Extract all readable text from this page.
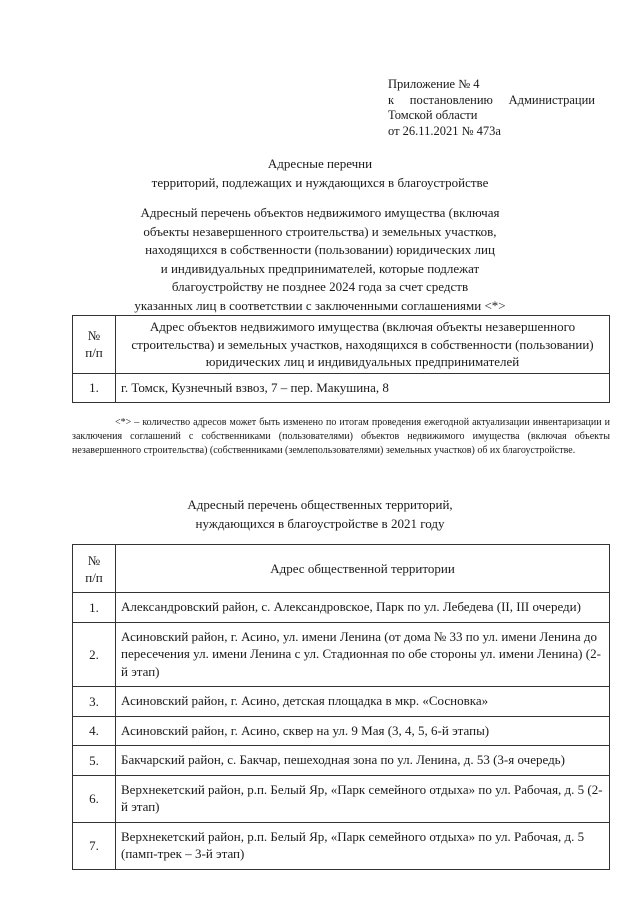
Приложение № 4
к постановлению Администрации
Томской области
от 26.11.2021 № 473а
Адресные перечни
территорий, подлежащих и нуждающихся в благоустройстве
Адресный перечень объектов недвижимого имущества (включая
объекты незавершенного строительства) и земельных участков,
находящихся в собственности (пользовании) юридических лиц
и индивидуальных предпринимателей, которые подлежат
благоустройству не позднее 2024 года за счет средств
указанных лиц в соответствии с заключенными соглашениями <*>
№
п/п	Адрес объектов недвижимого имущества (включая объекты незавершенного строительства) и земельных участков, находящихся в собственности (пользовании) юридических лиц и индивидуальных предпринимателей
1.	г. Томск, Кузнечный взвоз, 7 – пер. Макушина, 8
<*> – количество адресов может быть изменено по итогам проведения ежегодной актуализации инвентаризации и заключения соглашений с собственниками (пользователями) объектов недвижимого имущества (включая объекты незавершенного строительства) (собственниками (землепользователями) земельных участков) об их благоустройстве.
Адресный перечень общественных территорий,
нуждающихся в благоустройстве в 2021 году
№
п/п	Адрес общественной территории
1.	Александровский район, с. Александровское, Парк по ул. Лебедева (II, III очереди)
2.	Асиновский район, г. Асино, ул. имени Ленина (от дома № 33 по ул. имени Ленина до пересечения ул. имени Ленина с ул. Стадионная по обе стороны ул. имени Ленина) (2-й этап)
3.	Асиновский район, г. Асино, детская площадка в мкр. «Сосновка»
4.	Асиновский район, г. Асино, сквер на ул. 9 Мая (3, 4, 5, 6-й этапы)
5.	Бакчарский район, с. Бакчар, пешеходная зона по ул. Ленина, д. 53 (3-я очередь)
6.	Верхнекетский район, р.п. Белый Яр, «Парк семейного отдыха» по ул. Рабочая, д. 5 (2-й этап)
7.	Верхнекетский район, р.п. Белый Яр, «Парк семейного отдыха» по ул. Рабочая, д. 5 (памп-трек – 3-й этап)
